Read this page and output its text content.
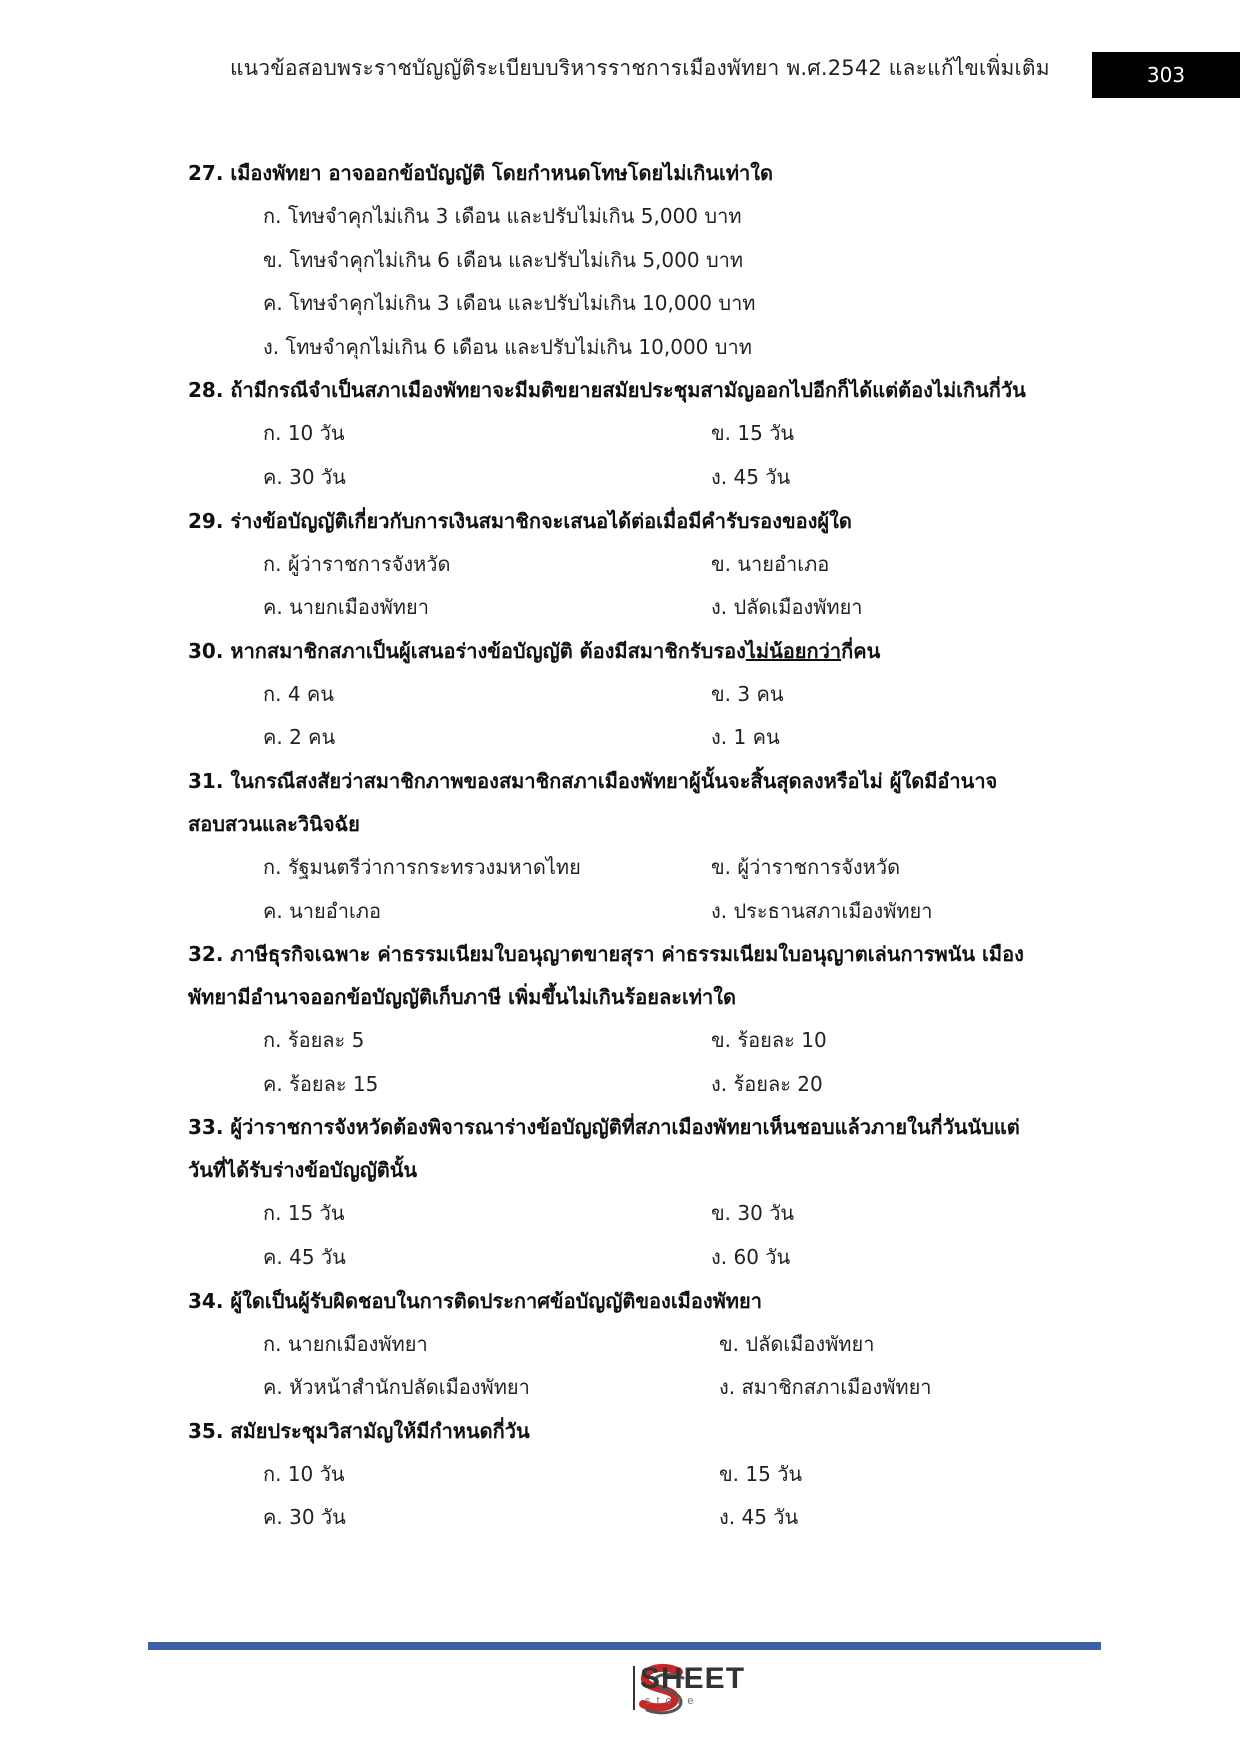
แนวข้อสอบพระราชบัญญัติระเบียบบริหารราชการเมืองพัทยา พ.ศ.2542 และแก้ไขเพิ่มเติม	303
27. เมืองพัทยา อาจออกข้อบัญญัติ โดยกำหนดโทษโดยไม่เกินเท่าใด
ก. โทษจำคุกไม่เกิน 3 เดือน และปรับไม่เกิน 5,000 บาท
ข. โทษจำคุกไม่เกิน 6 เดือน และปรับไม่เกิน 5,000 บาท
ค. โทษจำคุกไม่เกิน 3 เดือน และปรับไม่เกิน 10,000 บาท
ง. โทษจำคุกไม่เกิน 6 เดือน และปรับไม่เกิน 10,000 บาท
28. ถ้ามีกรณีจำเป็นสภาเมืองพัทยาจะมีมติขยายสมัยประชุมสามัญออกไปอีกก็ได้แต่ต้องไม่เกินกี่วัน
ก. 10 วัน	ข. 15 วัน
ค. 30 วัน	ง. 45 วัน
29. ร่างข้อบัญญัติเกี่ยวกับการเงินสมาชิกจะเสนอได้ต่อเมื่อมีคำรับรองของผู้ใด
ก. ผู้ว่าราชการจังหวัด	ข. นายอำเภอ
ค. นายกเมืองพัทยา	ง. ปลัดเมืองพัทยา
30. หากสมาชิกสภาเป็นผู้เสนอร่างข้อบัญญัติ ต้องมีสมาชิกรับรองไม่น้อยกว่ากี่คน
ก. 4 คน	ข. 3 คน
ค. 2 คน	ง. 1 คน
31. ในกรณีสงสัยว่าสมาชิกภาพของสมาชิกสภาเมืองพัทยาผู้นั้นจะสิ้นสุดลงหรือไม่ ผู้ใดมีอำนาจ
สอบสวนและวินิจฉัย
ก. รัฐมนตรีว่าการกระทรวงมหาดไทย	ข. ผู้ว่าราชการจังหวัด
ค. นายอำเภอ	ง. ประธานสภาเมืองพัทยา
32. ภาษีธุรกิจเฉพาะ ค่าธรรมเนียมใบอนุญาตขายสุรา ค่าธรรมเนียมใบอนุญาตเล่นการพนัน เมือง
พัทยามีอำนาจออกข้อบัญญัติเก็บภาษี เพิ่มขึ้นไม่เกินร้อยละเท่าใด
ก. ร้อยละ 5	ข. ร้อยละ 10
ค. ร้อยละ 15	ง. ร้อยละ 20
33. ผู้ว่าราชการจังหวัดต้องพิจารณาร่างข้อบัญญัติที่สภาเมืองพัทยาเห็นชอบแล้วภายในกี่วันนับแต่
วันที่ได้รับร่างข้อบัญญัตินั้น
ก. 15 วัน	ข. 30 วัน
ค. 45 วัน	ง. 60 วัน
34. ผู้ใดเป็นผู้รับผิดชอบในการติดประกาศข้อบัญญัติของเมืองพัทยา
ก. นายกเมืองพัทยา	ข. ปลัดเมืองพัทยา
ค. หัวหน้าสำนักปลัดเมืองพัทยา	ง. สมาชิกสภาเมืองพัทยา
35. สมัยประชุมวิสามัญให้มีกำหนดกี่วัน
ก. 10 วัน	ข. 15 วัน
ค. 30 วัน	ง. 45 วัน
SHEET
store
